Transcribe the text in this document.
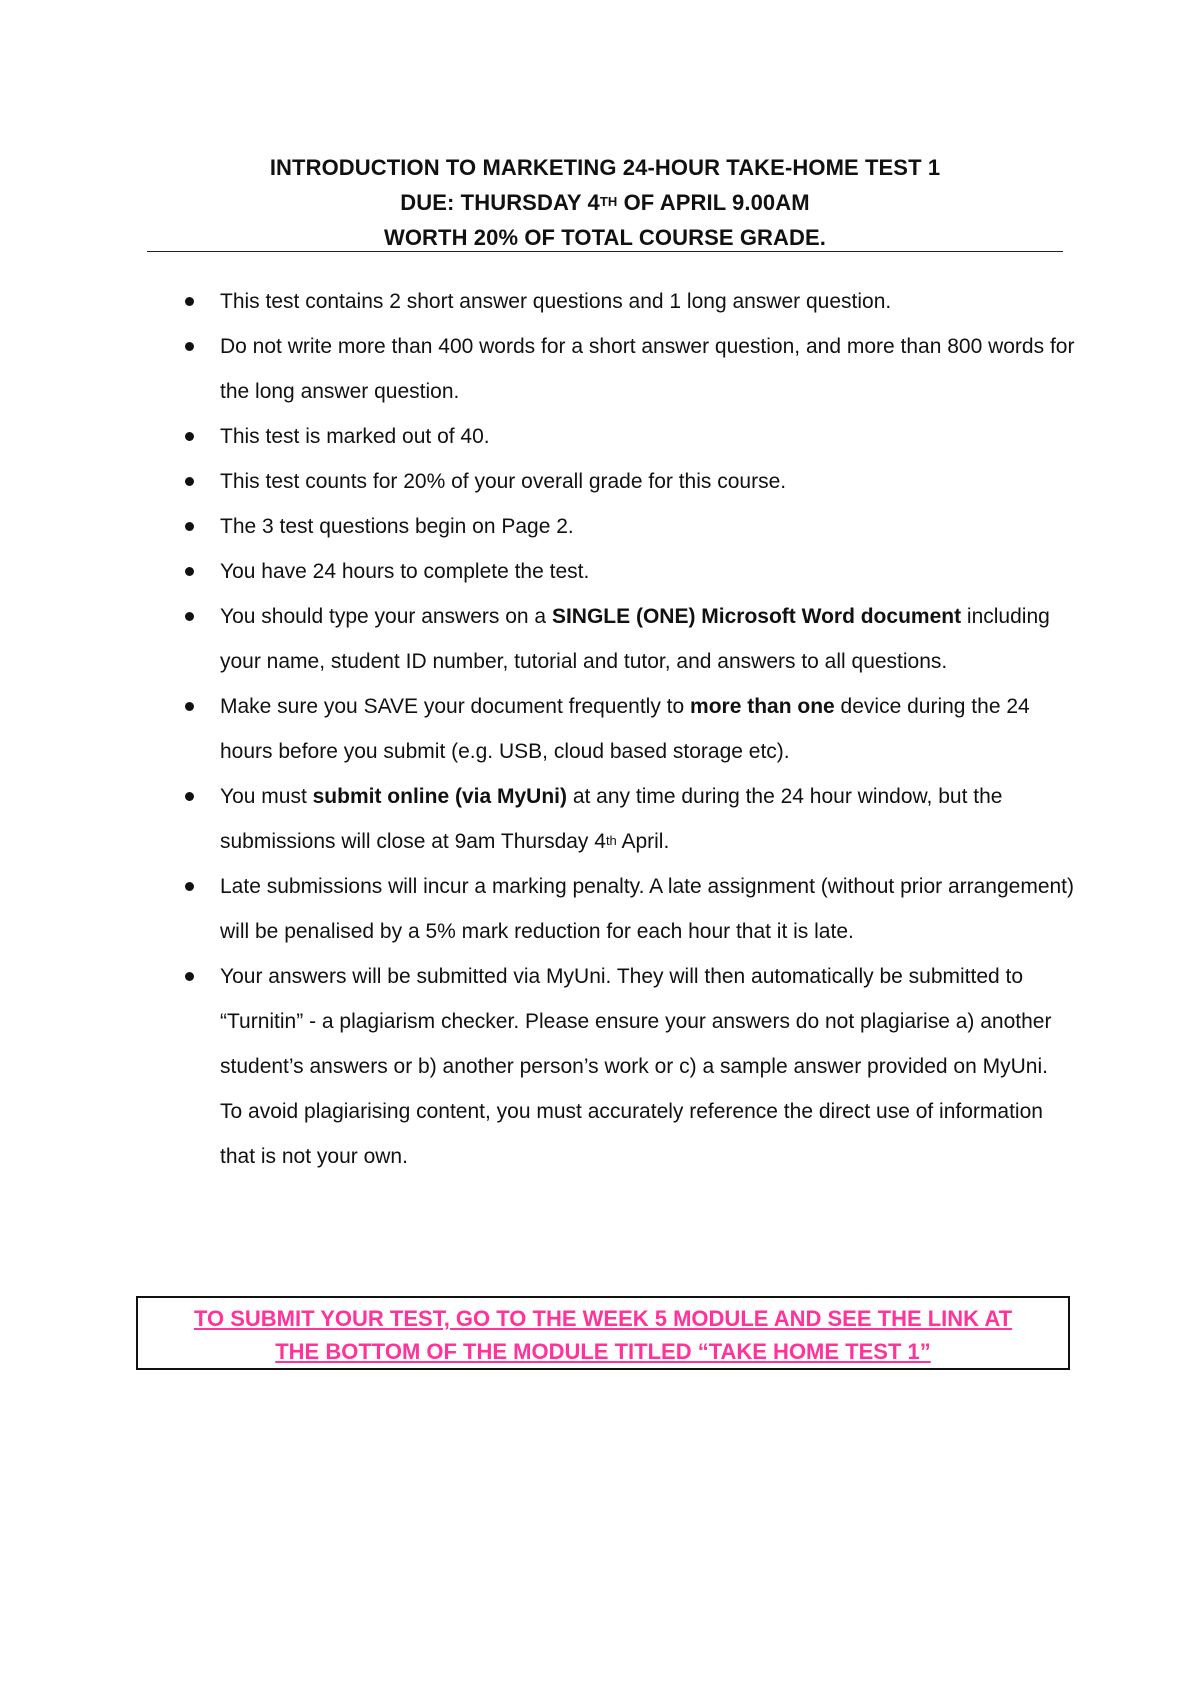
INTRODUCTION TO MARKETING 24-HOUR TAKE-HOME TEST 1
DUE: THURSDAY 4TH OF APRIL 9.00AM
WORTH 20% OF TOTAL COURSE GRADE.
This test contains 2 short answer questions and 1 long answer question.
Do not write more than 400 words for a short answer question, and more than 800 words for the long answer question.
This test is marked out of 40.
This test counts for 20% of your overall grade for this course.
The 3 test questions begin on Page 2.
You have 24 hours to complete the test.
You should type your answers on a SINGLE (ONE) Microsoft Word document including your name, student ID number, tutorial and tutor, and answers to all questions.
Make sure you SAVE your document frequently to more than one device during the 24 hours before you submit (e.g. USB, cloud based storage etc).
You must submit online (via MyUni) at any time during the 24 hour window, but the submissions will close at 9am Thursday 4th April.
Late submissions will incur a marking penalty. A late assignment (without prior arrangement) will be penalised by a 5% mark reduction for each hour that it is late.
Your answers will be submitted via MyUni. They will then automatically be submitted to “Turnitin” - a plagiarism checker. Please ensure your answers do not plagiarise a) another student’s answers or b) another person’s work or c) a sample answer provided on MyUni. To avoid plagiarising content, you must accurately reference the direct use of information that is not your own.
TO SUBMIT YOUR TEST, GO TO THE WEEK 5 MODULE AND SEE THE LINK AT
THE BOTTOM OF THE MODULE TITLED “TAKE HOME TEST 1”
